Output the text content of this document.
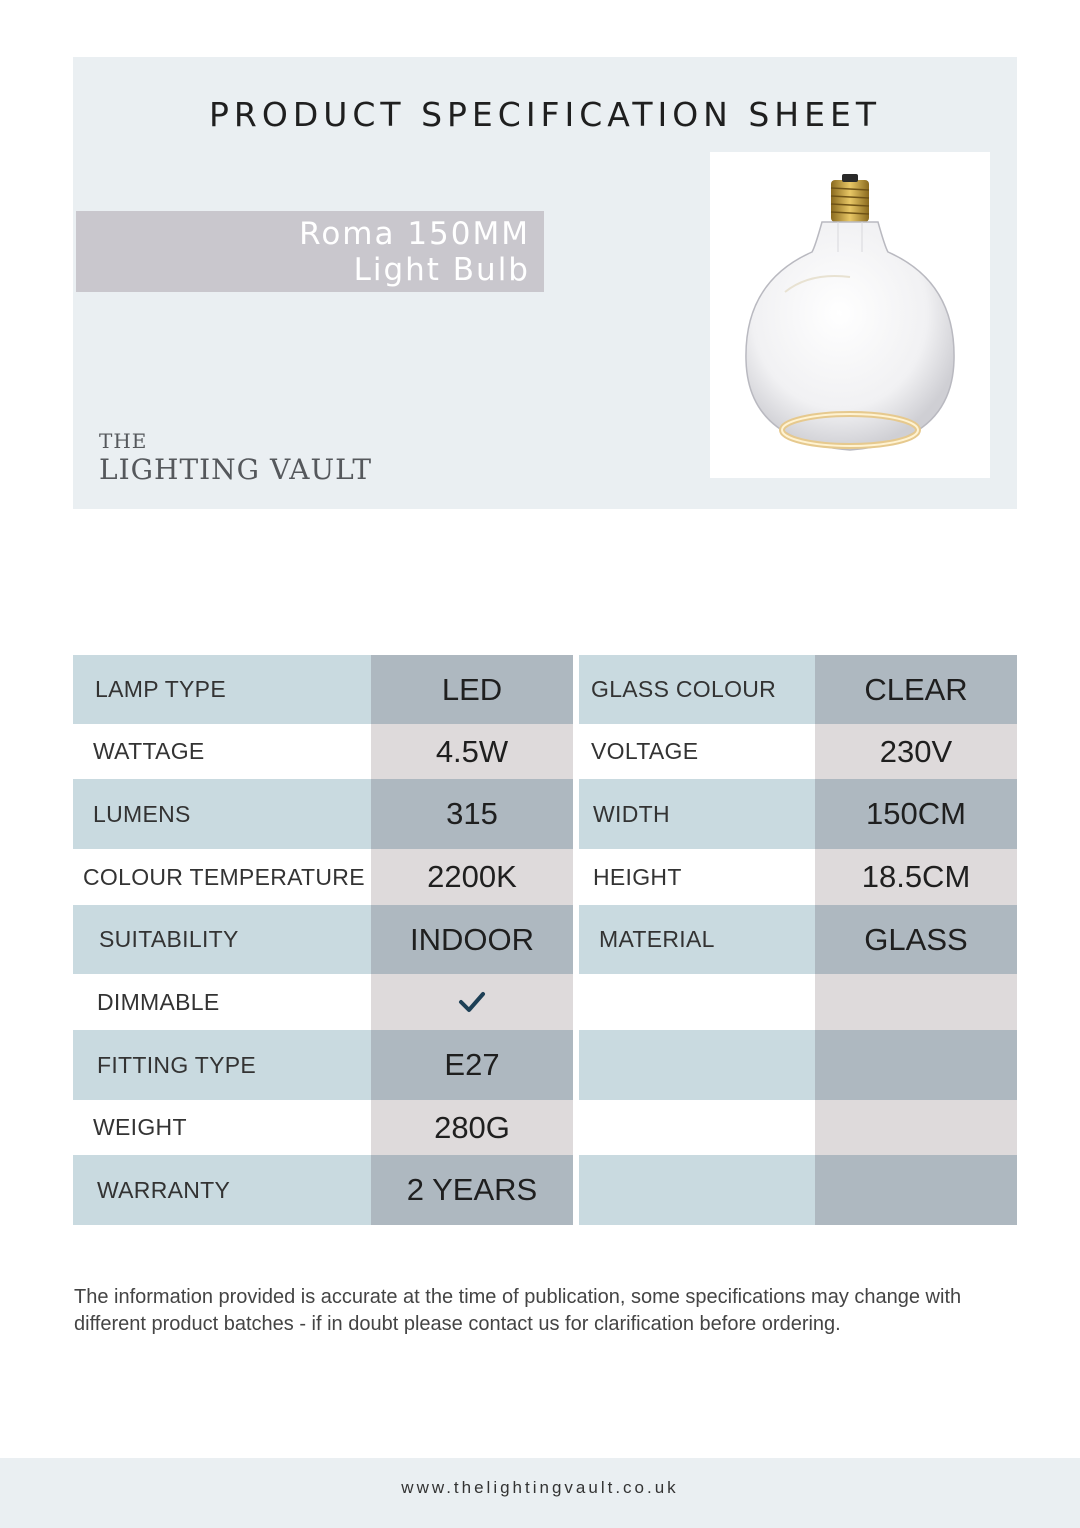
PRODUCT SPECIFICATION SHEET
Roma 150MM
Light Bulb
THE
LIGHTING VAULT
LAMP TYPE	LED	GLASS COLOUR	CLEAR
WATTAGE	4.5W	VOLTAGE	230V
LUMENS	315	WIDTH	150CM
COLOUR TEMPERATURE 2200K	HEIGHT	18.5CM
SUITABILITY	INDOOR	MATERIAL	GLASS
DIMMABLE
FITTING TYPE	E27
WEIGHT	280G
WARRANTY	2 YEARS
The information provided is accurate at the time of publication, some specifications may change with different product batches - if in doubt please contact us for clarification before ordering.
www.thelightingvault.co.uk
